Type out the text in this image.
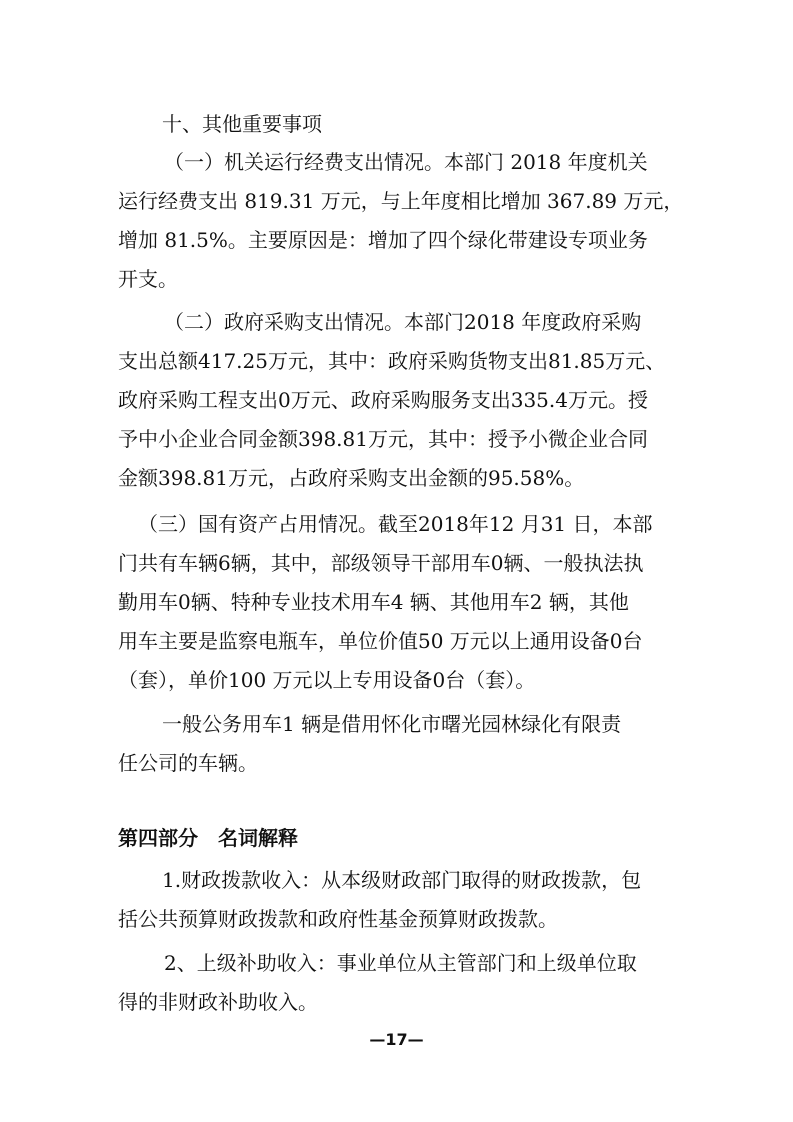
十、其他重要事项
（一）机关运行经费支出情况。本部门 2018 年度机关
运行经费支出 819.31 万元，与上年度相比增加 367.89 万元，
增加 81.5%。主要原因是：增加了四个绿化带建设专项业务
开支。
（二）政府采购支出情况。本部门2018 年度政府采购
支出总额417.25万元，其中：政府采购货物支出81.85万元、
政府采购工程支出0万元、政府采购服务支出335.4万元。授
予中小企业合同金额398.81万元，其中：授予小微企业合同
金额398.81万元，占政府采购支出金额的95.58%。
（三）国有资产占用情况。截至2018年12 月31 日，本部
门共有车辆6辆，其中，部级领导干部用车0辆、一般执法执
勤用车0辆、特种专业技术用车4 辆、其他用车2 辆，其他
用车主要是监察电瓶车，单位价值50 万元以上通用设备0台
（套），单价100 万元以上专用设备0台（套）。
一般公务用车1 辆是借用怀化市曙光园林绿化有限责
任公司的车辆。
第四部分　名词解释
1.财政拨款收入：从本级财政部门取得的财政拨款，包
括公共预算财政拨款和政府性基金预算财政拨款。
2、上级补助收入：事业单位从主管部门和上级单位取
得的非财政补助收入。
—17—
